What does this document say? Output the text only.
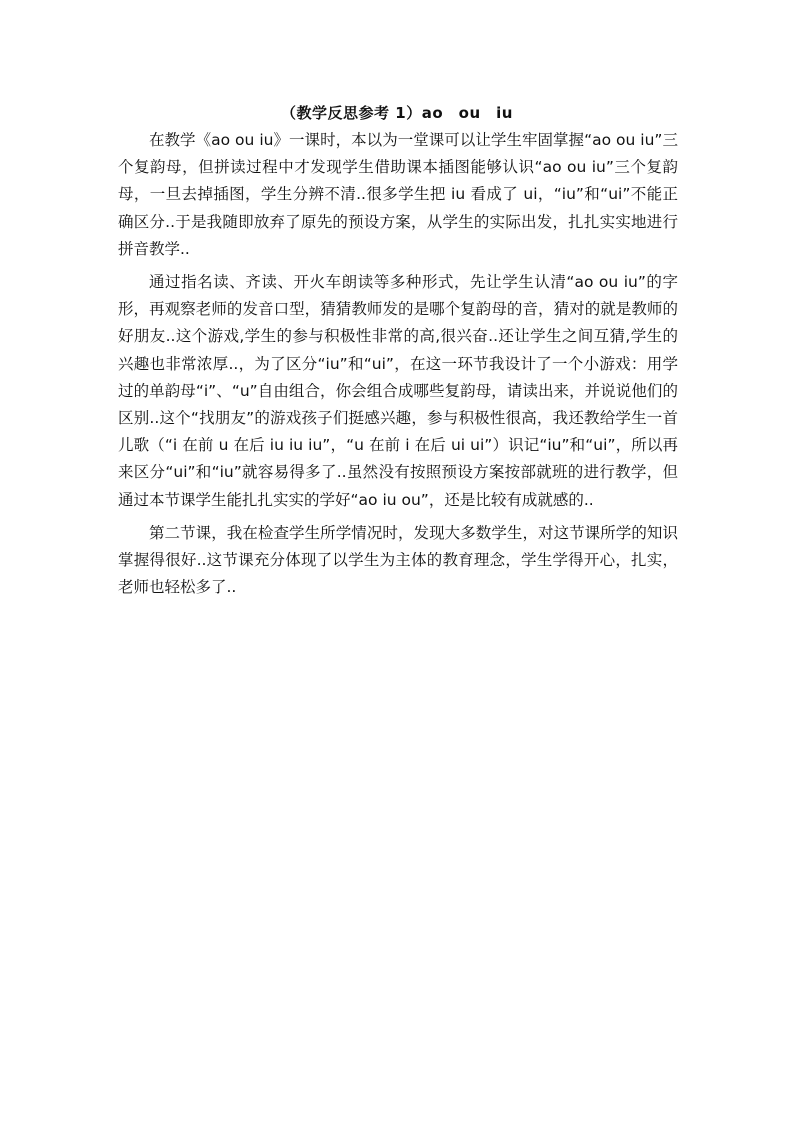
（教学反思参考 1）ao　ou　iu

在教学《ao ou iu》一课时，本以为一堂课可以让学生牢固掌握“ao ou iu”三个复韵母，但拼读过程中才发现学生借助课本插图能够认识“ao ou iu”三个复韵母，一旦去掉插图，学生分辨不清..很多学生把 iu 看成了 ui，“iu”和“ui”不能正确区分..于是我随即放弃了原先的预设方案，从学生的实际出发，扎扎实实地进行拼音教学..

通过指名读、齐读、开火车朗读等多种形式，先让学生认清“ao ou iu”的字形，再观察老师的发音口型，猜猜教师发的是哪个复韵母的音，猜对的就是教师的好朋友..这个游戏,学生的参与积极性非常的高,很兴奋..还让学生之间互猜,学生的兴趣也非常浓厚..，为了区分“iu”和“ui”，在这一环节我设计了一个小游戏：用学过的单韵母“i”、“u”自由组合，你会组合成哪些复韵母，请读出来，并说说他们的区别..这个“找朋友”的游戏孩子们挺感兴趣，参与积极性很高，我还教给学生一首儿歌（“i 在前 u 在后 iu iu iu”，“u 在前 i 在后 ui ui”）识记“iu”和“ui”，所以再来区分“ui”和“iu”就容易得多了..虽然没有按照预设方案按部就班的进行教学，但通过本节课学生能扎扎实实的学好“ao iu ou”，还是比较有成就感的..

第二节课，我在检查学生所学情况时，发现大多数学生，对这节课所学的知识掌握得很好..这节课充分体现了以学生为主体的教育理念，学生学得开心，扎实，老师也轻松多了..
